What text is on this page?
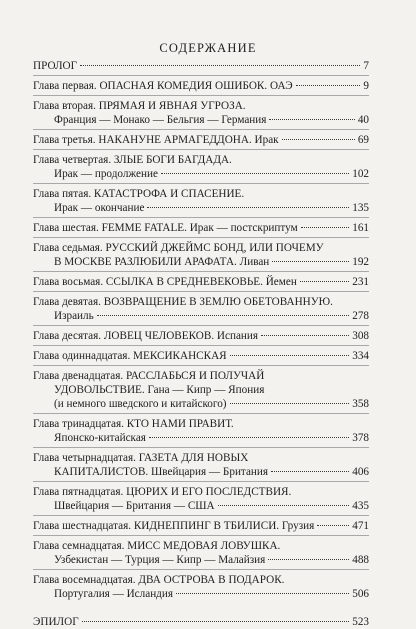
СОДЕРЖАНИЕ
ПРОЛОГ	7
Глава первая. ОПАСНАЯ КОМЕДИЯ ОШИБОК. ОАЭ	9
Глава вторая. ПРЯМАЯ И ЯВНАЯ УГРОЗА.
Франция — Монако — Бельгия — Германия	40
Глава третья. НАКАНУНЕ АРМАГЕДДОНА. Ирак	69
Глава четвертая. ЗЛЫЕ БОГИ БАГДАДА.
Ирак — продолжение	102
Глава пятая. КАТАСТРОФА И СПАСЕНИЕ.
Ирак — окончание	135
Глава шестая. FEMME FATALE. Ирак — постскриптум	161
Глава седьмая. РУССКИЙ ДЖЕЙМС БОНД, ИЛИ ПОЧЕМУ
В МОСКВЕ РАЗЛЮБИЛИ АРАФАТА. Ливан	192
Глава восьмая. ССЫЛКА В СРЕДНЕВЕКОВЬЕ. Йемен	231
Глава девятая. ВОЗВРАЩЕНИЕ В ЗЕМЛЮ ОБЕТОВАННУЮ.
Израиль	278
Глава десятая. ЛОВЕЦ ЧЕЛОВЕКОВ. Испания	308
Глава одиннадцатая. МЕКСИКАНСКАЯ	334
Глава двенадцатая. РАССЛАБЬСЯ И ПОЛУЧАЙ
УДОВОЛЬСТВИЕ. Гана — Кипр — Япония
(и немного шведского и китайского)	358
Глава тринадцатая. КТО НАМИ ПРАВИТ.
Японско-китайская	378
Глава четырнадцатая. ГАЗЕТА ДЛЯ НОВЫХ
КАПИТАЛИСТОВ. Швейцария — Британия	406
Глава пятнадцатая. ЦЮРИХ И ЕГО ПОСЛЕДСТВИЯ.
Швейцария — Британия — США	435
Глава шестнадцатая. КИДНЕППИНГ В ТБИЛИСИ. Грузия	471
Глава семнадцатая. МИСС МЕДОВАЯ ЛОВУШКА.
Узбекистан — Турция — Кипр — Малайзия	488
Глава восемнадцатая. ДВА ОСТРОВА В ПОДАРОК.
Португалия — Исландия	506
ЭПИЛОГ	523
